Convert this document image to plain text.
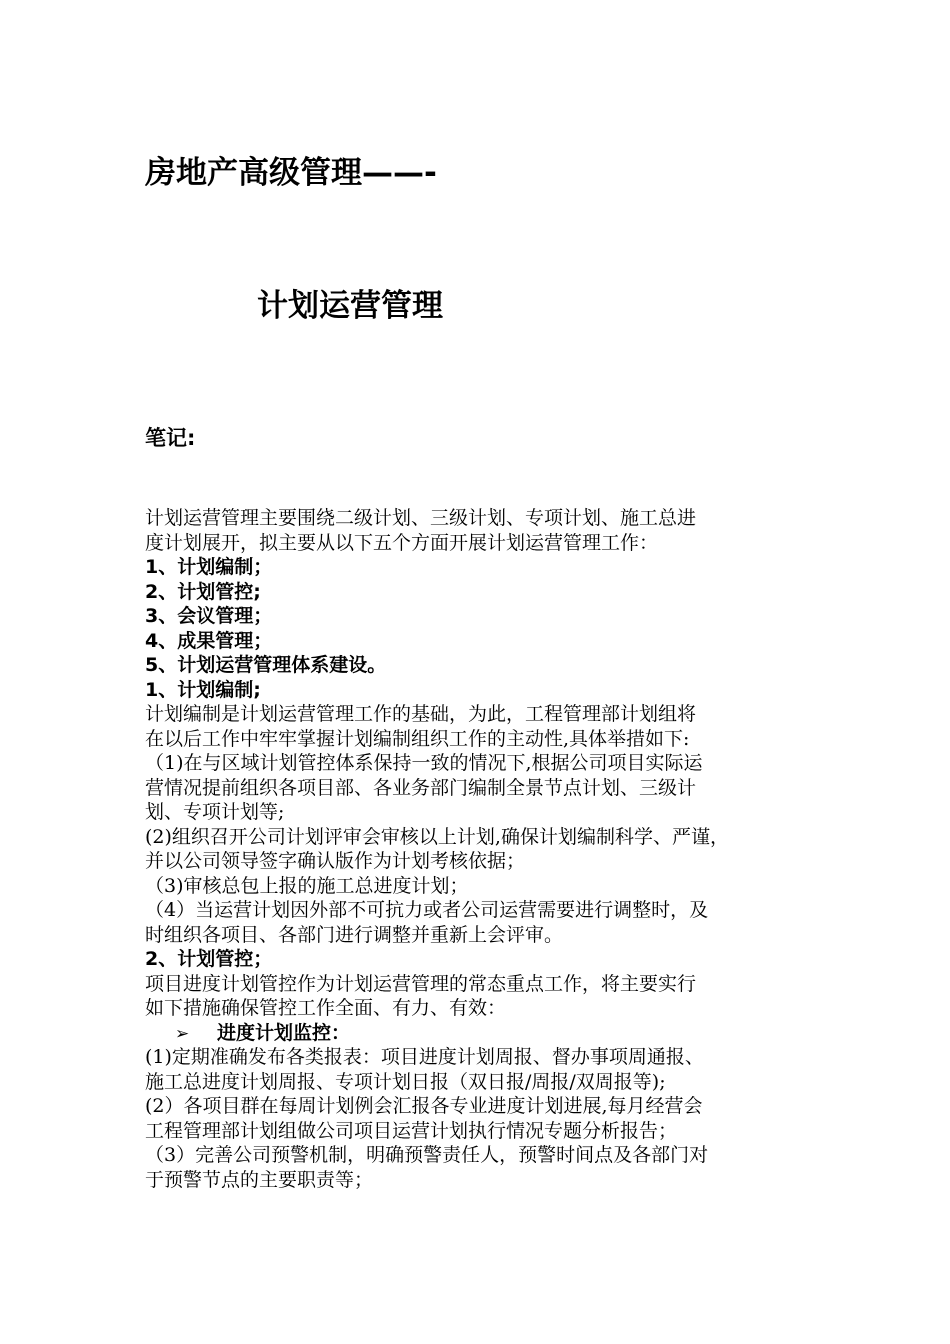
房地产高级管理——-
计划运营管理
笔记:
计划运营管理主要围绕二级计划、三级计划、专项计划、施工总进
度计划展开，拟主要从以下五个方面开展计划运营管理工作：
1、计划编制；
2、计划管控;
3、会议管理；
4、成果管理；
5、计划运营管理体系建设。
1、计划编制;
计划编制是计划运营管理工作的基础，为此，工程管理部计划组将
在以后工作中牢牢掌握计划编制组织工作的主动性,具体举措如下:
（1)在与区域计划管控体系保持一致的情况下,根据公司项目实际运
营情况提前组织各项目部、各业务部门编制全景节点计划、三级计
划、专项计划等;
(2)组织召开公司计划评审会审核以上计划,确保计划编制科学、严谨，
并以公司领导签字确认版作为计划考核依据；
（3)审核总包上报的施工总进度计划；
（4）当运营计划因外部不可抗力或者公司运营需要进行调整时，及
时组织各项目、各部门进行调整并重新上会评审。
2、计划管控；
项目进度计划管控作为计划运营管理的常态重点工作，将主要实行
如下措施确保管控工作全面、有力、有效：
➢ 进度计划监控：
(1)定期准确发布各类报表：项目进度计划周报、督办事项周通报、
施工总进度计划周报、专项计划日报（双日报/周报/双周报等);
(2）各项目群在每周计划例会汇报各专业进度计划进展,每月经营会
工程管理部计划组做公司项目运营计划执行情况专题分析报告；
（3）完善公司预警机制，明确预警责任人，预警时间点及各部门对
于预警节点的主要职责等；
